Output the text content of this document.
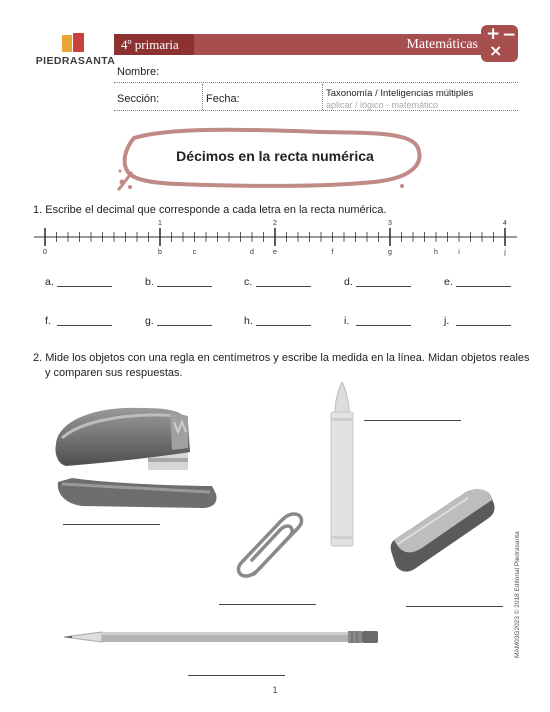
PIEDRASANTA
4º primaria	Matemáticas
+ −
×
Nombre:
Sección:	Fecha:	Taxonomía / Inteligencias múltiples
aplicar / lógico - matemático
Décimos en la recta numérica
1. Escribe el decimal que corresponde a cada letra en la recta numérica.
0
1	2	3	4
b	c	d	e	f	g	h	i	j
a.	b.	c.	d.	e.
f.	g.	h.	i.	j.
2. Mide los objetos con una regla en centímetros y escribe la medida en la línea. Midan objetos reales
y comparen sus respuestas.
1
MAM03G2023 © 2018 Editorial Piedrasanta
